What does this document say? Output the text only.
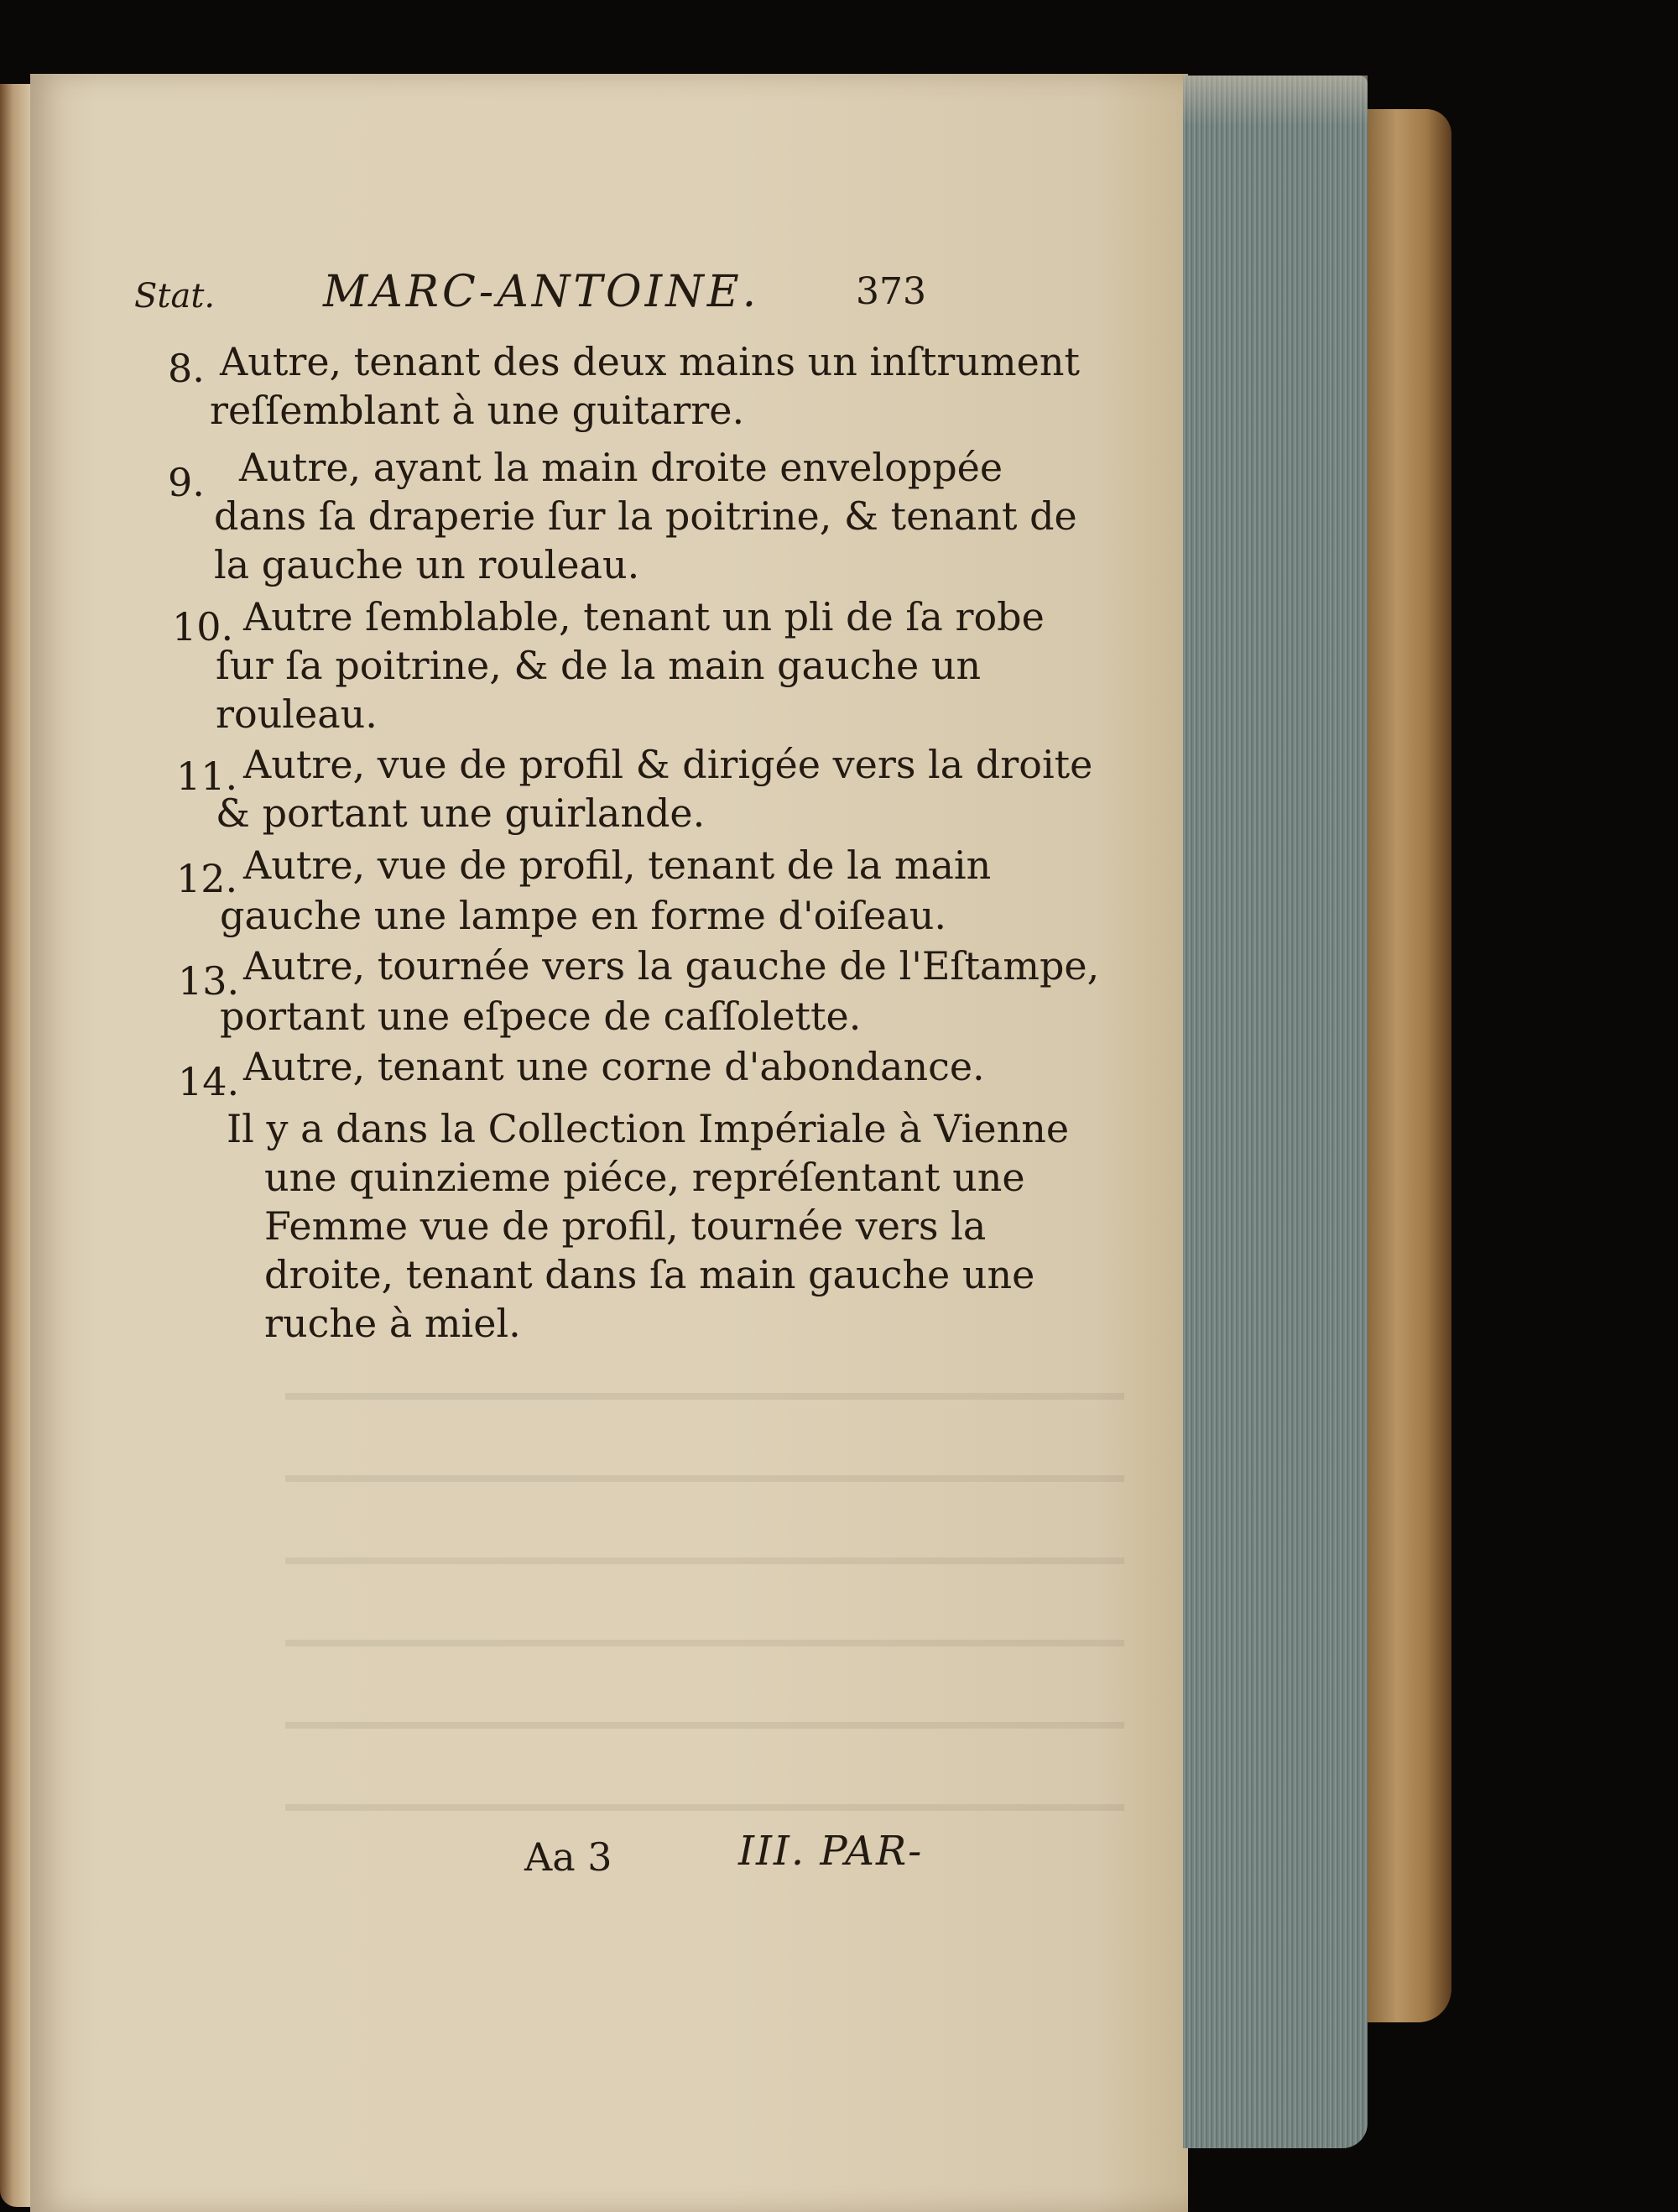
Stat. MARC-ANTOINE.	373
8. Autre, tenant des deux mains un inſtrument
reſſemblant à une guitarre.
9. Autre, ayant la main droite enveloppée
dans ſa draperie ſur la poitrine, & tenant de
la gauche un rouleau.
10. Autre ſemblable, tenant un pli de ſa robe
ſur ſa poitrine, & de la main gauche un
rouleau.
11. Autre, vue de profil & dirigée vers la droite
& portant une guirlande.
12. Autre, vue de profil, tenant de la main
gauche une lampe en forme d'oiſeau.
13. Autre, tournée vers la gauche de l'Eſtampe,
portant une eſpece de caſſolette.
14. Autre, tenant une corne d'abondance.
Il y a dans la Collection Impériale à Vienne
une quinzieme piéce, repréſentant une
Femme vue de profil, tournée vers la
droite, tenant dans ſa main gauche une
ruche à miel.
Aa 3	III. PAR-
